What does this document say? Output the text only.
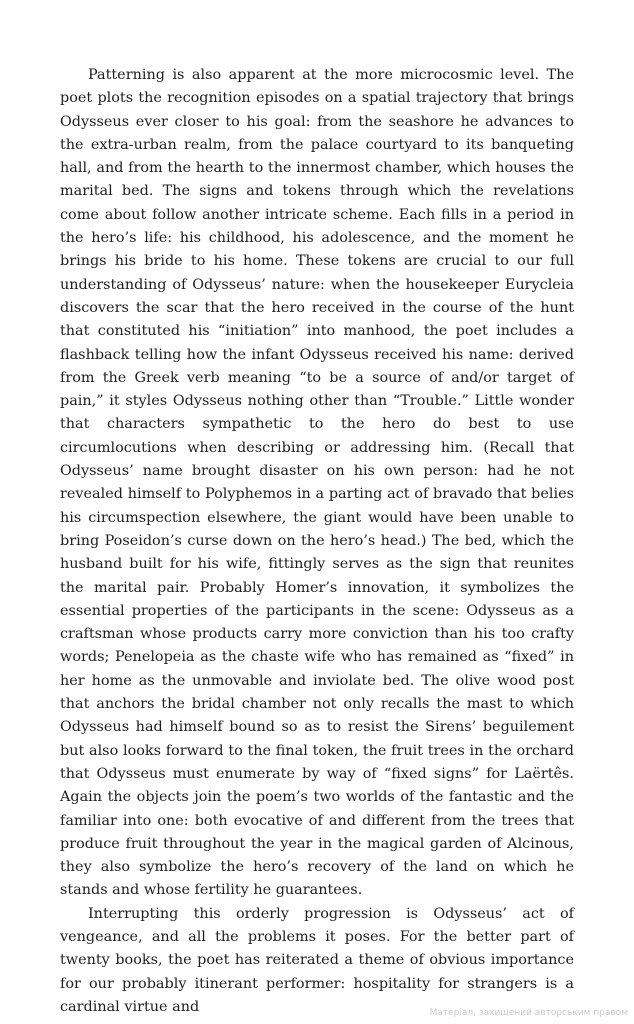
Patterning is also apparent at the more microcosmic level. The poet plots the recognition episodes on a spatial trajectory that brings Odysseus ever closer to his goal: from the seashore he advances to the extra-urban realm, from the palace courtyard to its banqueting hall, and from the hearth to the innermost chamber, which houses the marital bed. The signs and tokens through which the revelations come about follow another intricate scheme. Each fills in a period in the hero’s life: his childhood, his adolescence, and the moment he brings his bride to his home. These tokens are crucial to our full understanding of Odysseus’ nature: when the housekeeper Eurycleia discovers the scar that the hero received in the course of the hunt that constituted his “initiation” into manhood, the poet includes a flashback telling how the infant Odysseus received his name: derived from the Greek verb meaning “to be a source of and/or target of pain,” it styles Odysseus nothing other than “Trouble.” Little wonder that characters sympathetic to the hero do best to use circumlocutions when describing or addressing him. (Recall that Odysseus’ name brought disaster on his own person: had he not revealed himself to Polyphemos in a parting act of bravado that belies his circumspection elsewhere, the giant would have been unable to bring Poseidon’s curse down on the hero’s head.) The bed, which the husband built for his wife, fittingly serves as the sign that reunites the marital pair. Probably Homer’s innovation, it symbolizes the essential properties of the participants in the scene: Odysseus as a craftsman whose products carry more conviction than his too crafty words; Penelopeia as the chaste wife who has remained as “fixed” in her home as the unmovable and inviolate bed. The olive wood post that anchors the bridal chamber not only recalls the mast to which Odysseus had himself bound so as to resist the Sirens’ beguilement but also looks forward to the final token, the fruit trees in the orchard that Odysseus must enumerate by way of “fixed signs” for Laërtês. Again the objects join the poem’s two worlds of the fantastic and the familiar into one: both evocative of and different from the trees that produce fruit throughout the year in the magical garden of Alcinous, they also symbolize the hero’s recovery of the land on which he stands and whose fertility he guarantees.

Interrupting this orderly progression is Odysseus’ act of vengeance, and all the problems it poses. For the better part of twenty books, the poet has reiterated a theme of obvious importance for our probably itinerant performer: hospitality for strangers is a cardinal virtue and	Матеріал, захищений авторським правом
